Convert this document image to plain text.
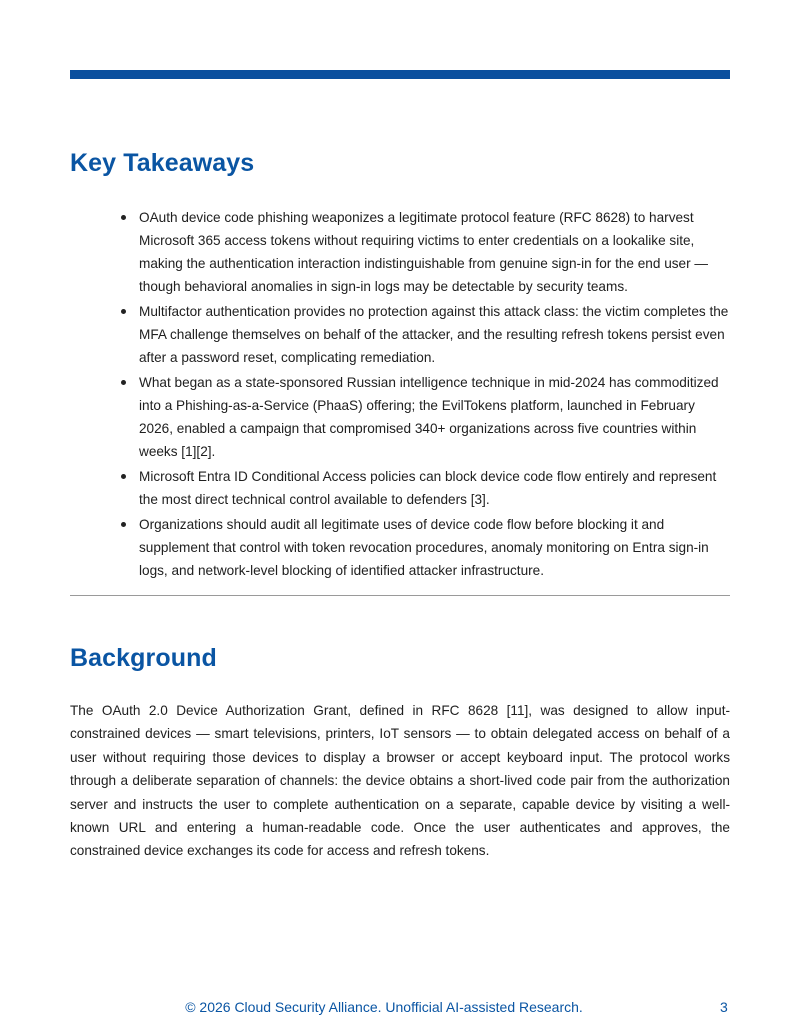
Key Takeaways
OAuth device code phishing weaponizes a legitimate protocol feature (RFC 8628) to harvest Microsoft 365 access tokens without requiring victims to enter credentials on a lookalike site, making the authentication interaction indistinguishable from genuine sign-in for the end user — though behavioral anomalies in sign-in logs may be detectable by security teams.
Multifactor authentication provides no protection against this attack class: the victim completes the MFA challenge themselves on behalf of the attacker, and the resulting refresh tokens persist even after a password reset, complicating remediation.
What began as a state-sponsored Russian intelligence technique in mid-2024 has commoditized into a Phishing-as-a-Service (PhaaS) offering; the EvilTokens platform, launched in February 2026, enabled a campaign that compromised 340+ organizations across five countries within weeks [1][2].
Microsoft Entra ID Conditional Access policies can block device code flow entirely and represent the most direct technical control available to defenders [3].
Organizations should audit all legitimate uses of device code flow before blocking it and supplement that control with token revocation procedures, anomaly monitoring on Entra sign-in logs, and network-level blocking of identified attacker infrastructure.
Background

The OAuth 2.0 Device Authorization Grant, defined in RFC 8628 [11], was designed to allow input-constrained devices — smart televisions, printers, IoT sensors — to obtain delegated access on behalf of a user without requiring those devices to display a browser or accept keyboard input. The protocol works through a deliberate separation of channels: the device obtains a short-lived code pair from the authorization server and instructs the user to complete authentication on a separate, capable device by visiting a well-known URL and entering a human-readable code. Once the user authenticates and approves, the constrained device exchanges its code for access and refresh tokens.

© 2026 Cloud Security Alliance. Unofficial AI-assisted Research.	3
